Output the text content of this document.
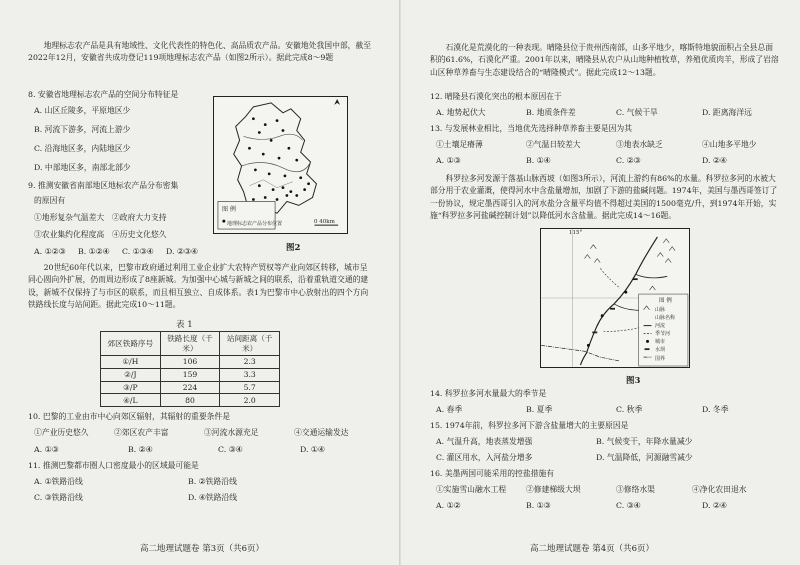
地理标志农产品是具有地域性、文化代表性的特色化、高品质农产品。安徽地处我国中部，截至2022年12月，安徽省共成功登记119项地理标志农产品（如图2所示）。据此完成8～9题
8. 安徽省地理标志农产品的空间分布特征是
A. 山区丘陵多，平原地区少
B. 河流下游多，河流上游少
C. 沿海地区多，内陆地区少
D. 中部地区多，南部北部少
9. 推测安徽省南部地区地标农产品分布密集
的原因有
①地形复杂气温差大 ②政府大力支持
③农业集约化程度高 ④历史文化悠久
A. ①②③ B. ①②④ C. ①③④ D. ②③④
图 例
地理标志农产品分布位置	0 40km
图2
20世纪60年代以来，巴黎市政府通过利用工业企业扩大农特产贸权等产业向郊区转移，城市呈同心圆向外扩展，仍而周边形成了8座新城。为加强中心城与新城之间的联系，沿着重轨道交通的建设，新城不仅保持了与市区的联系，而且相互独立、自成体系。表1为巴黎市中心放射出的四个方向铁路线长度与站间距。据此完成10～11题。
表 1
郊区铁路序号	铁路长度（千米）	站间距离（千米）
①/H	106	2.3
②/J	159	3.3
③/P	224	5.7
④/L	80	2.0
10. 巴黎的工业由市中心向郊区辐射，其辐射的重要条件是
①产业历史悠久	②郊区农产丰富	③河流水源充足	④交通运输发达
A. ①③	B. ②④	C. ③④	D. ①④
11. 推测巴黎都市圈人口密度最小的区域最可能是
A. ①铁路沿线	B. ②铁路沿线
C. ③铁路沿线	D. ④铁路沿线
高二地理试题卷 第3页（共6页）
石漠化是荒漠化的一种表现。晴隆县位于贵州西南部，山多平地少，喀斯特地貌面积占全县总面积的61.6%，石漠化严重。2001年以来，晴隆县从农户从山地种植牧草，养殖优质肉羊，形成了岩溶山区种草养畜与生态建设结合的“晴隆模式”。据此完成12～13题。
12. 晴隆县石漠化突出的根本原因在于
A. 地势起伏大	B. 地质条件差	C. 气候干旱	D. 距离海洋远
13. 与发展林业相比，当地优先选择种草养畜主要是因为其
①土壤足瘠薄	②气温日较差大	③地表水缺乏	④山地多平地少
A. ①③	B. ①④	C. ②③	D. ②④
科罗拉多河发源于落基山脉西坡（如图3所示），河流上游约有86%的水量。科罗拉多河的水被大部分用于农业灌溉，使得河水中含盐量增加，加剧了下游的盐碱问题。1974年，美国与墨西哥签订了一份协议，规定墨西哥引入的河水盐分含量平均值不得超过美国的1500毫克/升，到1974年开始，实施“科罗拉多河盐碱控制计划”以降低河水含盐量。据此完成14～16题。
115°
图 例
山脉
山脉名称
河流
季节河
城市
水坝
国界
图3
14. 科罗拉多河水量最大的季节是
A. 春季	B. 夏季	C. 秋季	D. 冬季
15. 1974年前，科罗拉多河下游含盐量增大的主要原因是
A. 气温升高，地表蒸发增强	B. 气候变干，年降水量减少
C. 灌区用水，入河盐分增多	D. 气温降低，河源融雪减少
16. 美墨两国可能采用的控盐措施有
①实施雪山融水工程	②修建梯级大坝	③修络水渠	④净化农田退水
A. ①②	B. ①③	C. ③④	D. ②④
高二地理试题卷 第4页（共6页）
